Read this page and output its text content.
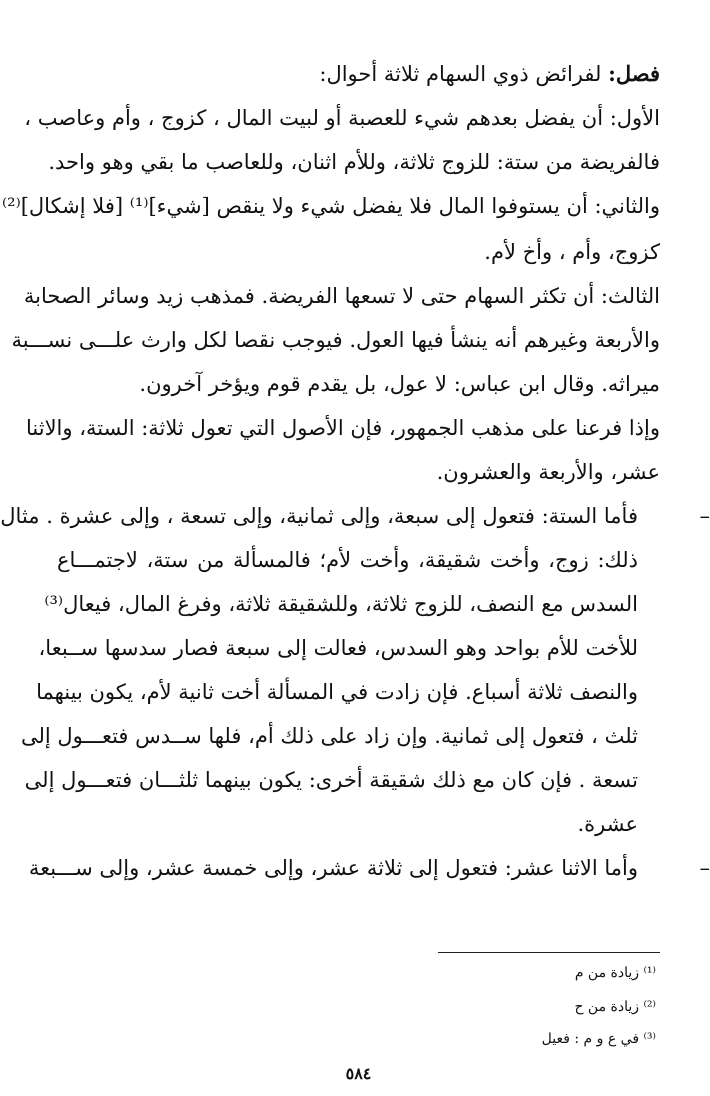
فصل: لفرائض ذوي السهام ثلاثة أحوال:
الأول: أن يفضل بعدهم شيء للعصبة أو لبيت المال ، كزوج ، وأم وعاصب ،
فالفريضة من ستة: للزوج ثلاثة، وللأم اثنان، وللعاصب ما بقي وهو واحد.
والثاني: أن يستوفوا المال فلا يفضل شيء ولا ينقص [شيء]⁽¹⁾ [فلا إشكال]⁽²⁾
كزوج، وأم ، وأخ لأم.
الثالث: أن تكثر السهام حتى لا تسعها الفريضة. فمذهب زيد وسائر الصحابة
والأربعة وغيرهم أنه ينشأ فيها العول. فيوجب نقصا لكل وارث علـــى نســـبة
ميراثه. وقال ابن عباس: لا عول، بل يقدم قوم ويؤخر آخرون.
وإذا فرعنا على مذهب الجمهور، فإن الأصول التي تعول ثلاثة: الستة، والاثنا
عشر، والأربعة والعشرون.
–
فأما الستة: فتعول إلى سبعة، وإلى ثمانية، وإلى تسعة ، وإلى عشرة . مثال
ذلك: زوج، وأخت شقيقة، وأخت لأم؛ فالمسألة من ستة، لاجتمـــاع
السدس مع النصف، للزوج ثلاثة، وللشقيقة ثلاثة، وفرغ المال، فيعال⁽³⁾
للأخت للأم بواحد وهو السدس، فعالت إلى سبعة فصار سدسها ســبعا،
والنصف ثلاثة أسباع. فإن زادت في المسألة أخت ثانية لأم، يكون بينهما
ثلث ، فتعول إلى ثمانية. وإن زاد على ذلك أم، فلها ســدس فتعـــول إلى
تسعة . فإن كان مع ذلك شقيقة أخرى: يكون بينهما ثلثـــان فتعـــول إلى
عشرة.
–
وأما الاثنا عشر: فتعول إلى ثلاثة عشر، وإلى خمسة عشر، وإلى ســـبعة
⁽¹⁾ زيادة من م
⁽²⁾ زيادة من ح
⁽³⁾ في ع و م : فعيل
٥٨٤
